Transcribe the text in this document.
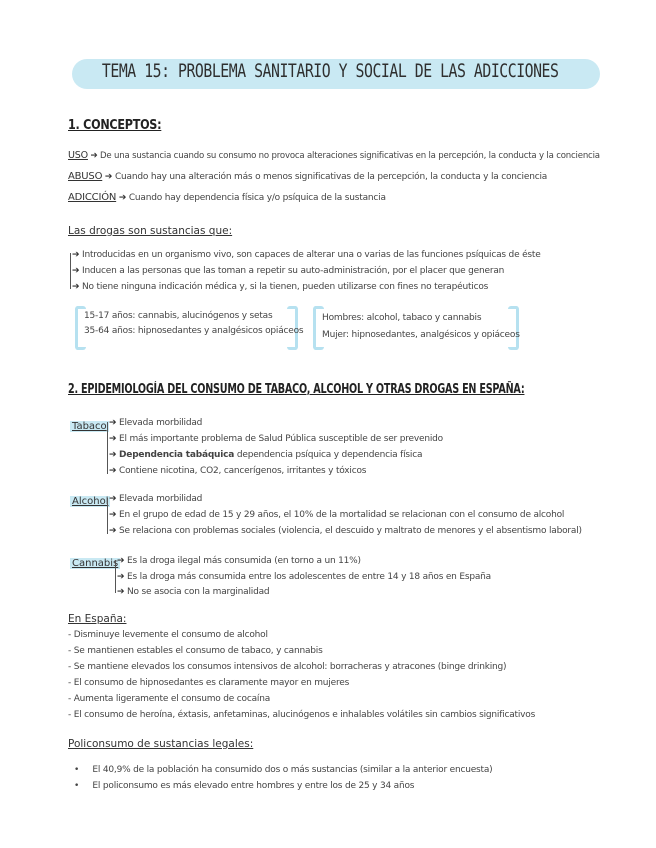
TEMA 15: PROBLEMA SANITARIO Y SOCIAL DE LAS ADICCIONES
1. CONCEPTOS:
USO ➔ De una sustancia cuando su consumo no provoca alteraciones significativas en la percepción, la conducta y la conciencia
ABUSO ➔ Cuando hay una alteración más o menos significativas de la percepción, la conducta y la conciencia
ADICCIÓN ➔ Cuando hay dependencia física y/o psíquica de la sustancia
Las drogas son sustancias que:
➔ Introducidas en un organismo vivo, son capaces de alterar una o varias de las funciones psíquicas de éste
➔ Inducen a las personas que las toman a repetir su auto-administración, por el placer que generan
➔ No tiene ninguna indicación médica y, si la tienen, pueden utilizarse con fines no terapéuticos
15-17 años: cannabis, alucinógenos y setas
35-64 años: hipnosedantes y analgésicos opiáceos
Hombres: alcohol, tabaco y cannabis
Mujer: hipnosedantes, analgésicos y opiáceos
2. EPIDEMIOLOGÍA DEL CONSUMO DE TABACO, ALCOHOL Y OTRAS DROGAS EN ESPAÑA:
Tabaco ➔ Elevada morbilidad
➔ El más importante problema de Salud Pública susceptible de ser prevenido
➔ Dependencia tabáquica dependencia psíquica y dependencia física
➔ Contiene nicotina, CO2, cancerígenos, irritantes y tóxicos
Alcohol ➔ Elevada morbilidad
➔ En el grupo de edad de 15 y 29 años, el 10% de la mortalidad se relacionan con el consumo de alcohol
➔ Se relaciona con problemas sociales (violencia, el descuido y maltrato de menores y el absentismo laboral)
Cannabis
➔ Es la droga ilegal más consumida (en torno a un 11%)
➔ Es la droga más consumida entre los adolescentes de entre 14 y 18 años en España
➔ No se asocia con la marginalidad
En España:
- Disminuye levemente el consumo de alcohol
- Se mantienen estables el consumo de tabaco, y cannabis
- Se mantiene elevados los consumos intensivos de alcohol: borracheras y atracones (binge drinking)
- El consumo de hipnosedantes es claramente mayor en mujeres
- Aumenta ligeramente el consumo de cocaína
- El consumo de heroína, éxtasis, anfetaminas, alucinógenos e inhalables volátiles sin cambios significativos
Policonsumo de sustancias legales:
•     El 40,9% de la población ha consumido dos o más sustancias (similar a la anterior encuesta)
•     El policonsumo es más elevado entre hombres y entre los de 25 y 34 años
